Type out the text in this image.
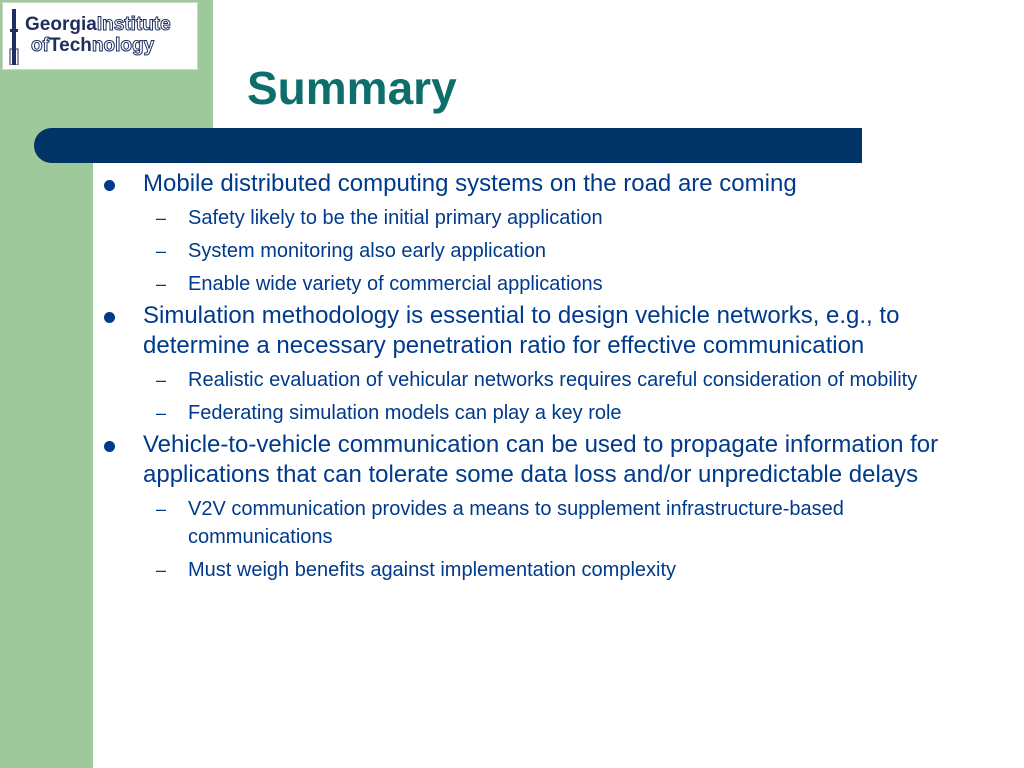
GeorgiaInstitute
ofTechnology
Summary
Mobile distributed computing systems on the road are coming
– Safety likely to be the initial primary application
– System monitoring also early application
– Enable wide variety of commercial applications
Simulation methodology is essential to design vehicle networks, e.g., to determine a necessary penetration ratio for effective communication
– Realistic evaluation of vehicular networks requires careful consideration of mobility
– Federating simulation models can play a key role
Vehicle-to-vehicle communication can be used to propagate information for applications that can tolerate some data loss and/or unpredictable delays
– V2V communication provides a means to supplement infrastructure-based communications
– Must weigh benefits against implementation complexity
